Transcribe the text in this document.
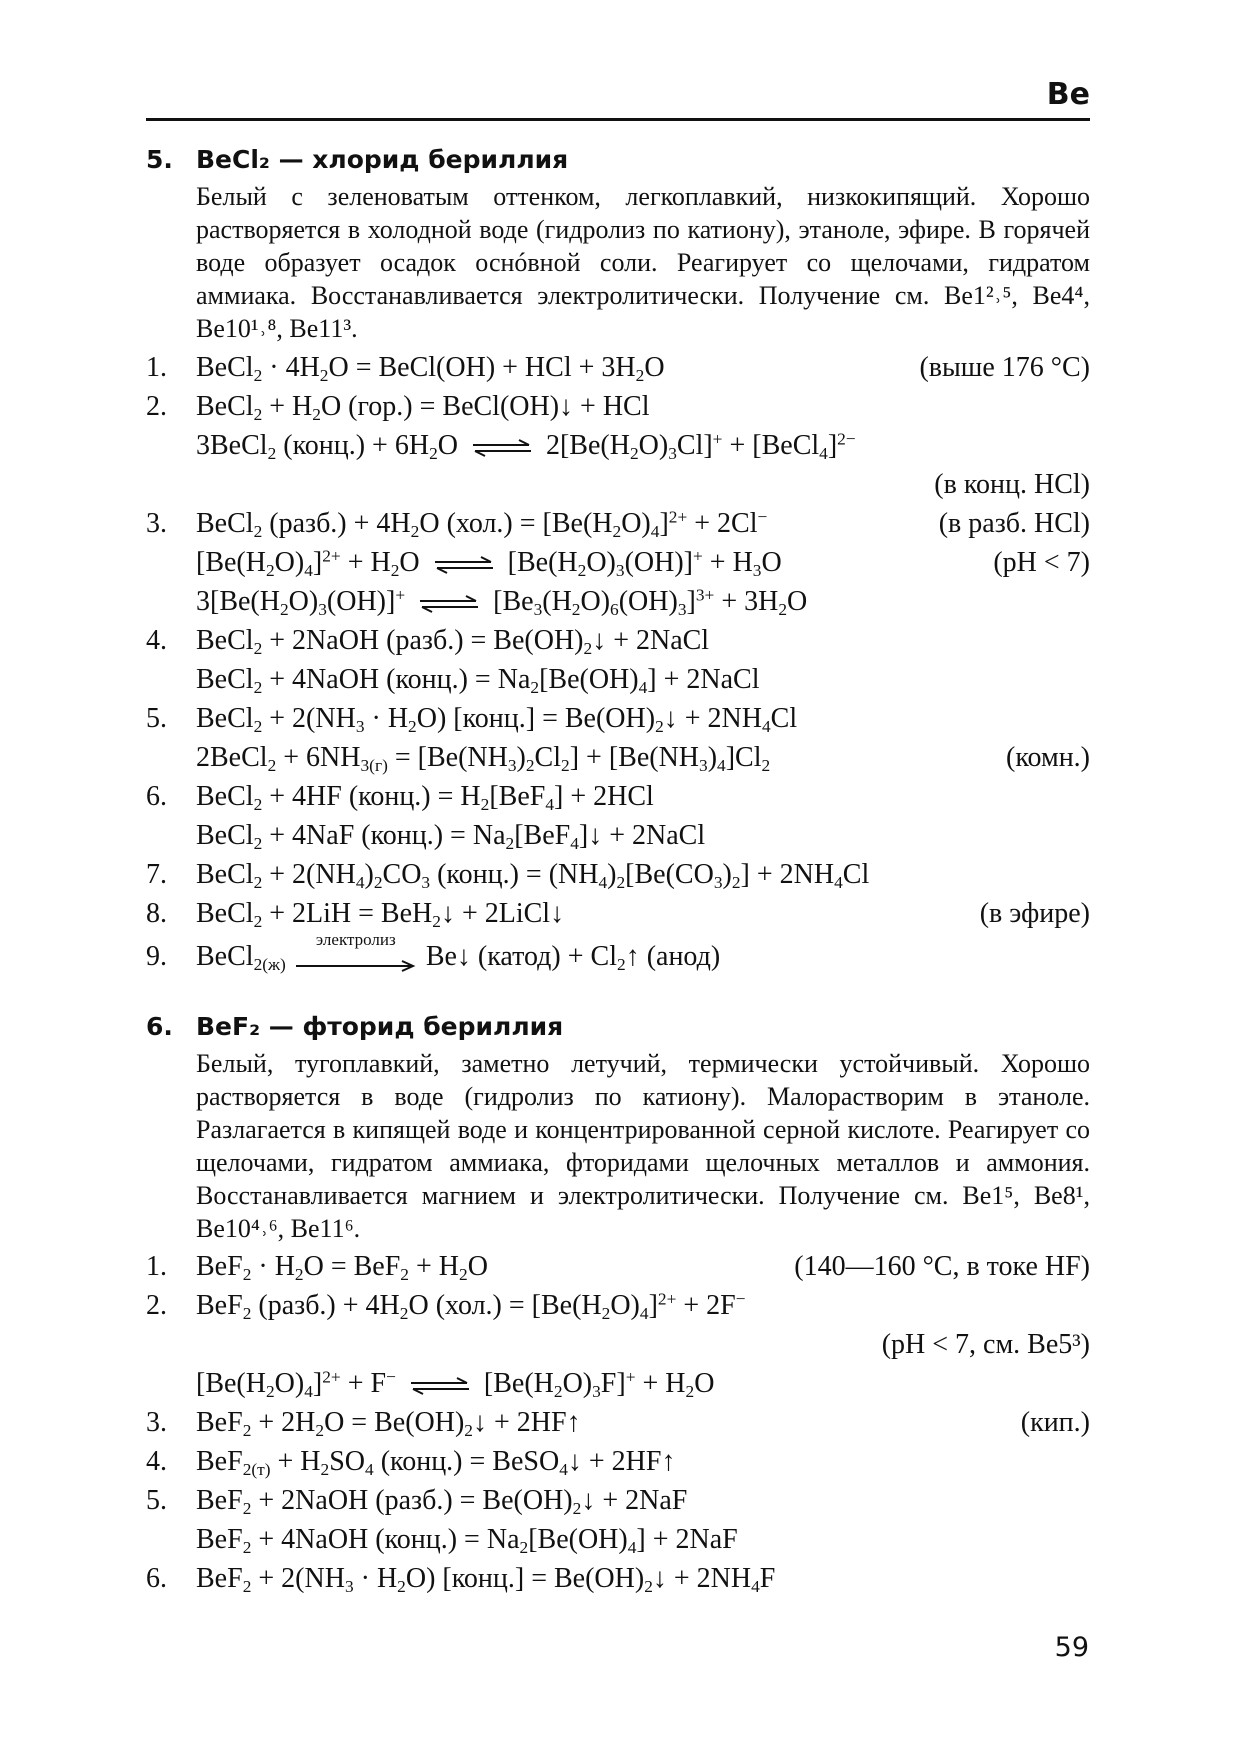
Be
5. BeCl₂ — хлорид бериллия
Белый с зеленоватым оттенком, легкоплавкий, низкокипящий. Хорошо растворяется в холодной воде (гидролиз по катиону), этаноле, эфире. В горячей воде образует осадок оснóвной соли. Реагирует со щелочами, гидратом аммиака. Восстанавливается электролитически. Получение см. Be1²˒⁵, Be4⁴, Be10¹˒⁸, Be11³.
1. BeCl$_2$ · $4H_2O$ = BeCl(OH) + HCl + $3H_2O$	(выше 176 °C)
2. BeCl$_2$ + $H_2O$ (гор.) = BeCl(OH)↓ + HCl
3BeCl$_2$ (конц.) + $6H_2O$ ⇌ $2[Be(H_2O)_3Cl]^+$ + [BeCl$_4$]$^{2-}$
(в конц. HCl)
3. BeCl$_2$ (разб.) + $4H_2O$ $(хол.) = [Be(H_2O)_4]^{2+} + 2Cl^-$	(в разб. HCl)
$[Be(H_2O)_4]^{2+} + H_2O$ ⇌ $[Be(H_2O)_3(OH)]^+ + H_3O$	(pH < 7)
$3[Be(H_2O)_3(OH)]^+$ ⇌ $[Be_3(H_2O)_6(OH)_3]^{3+} + 3H_2O$
4. BeCl$_2$ + 2NaOH (разб.) = $Be(OH)_2↓$ + 2NaCl
BeCl$_2$ + 4NaOH (конц.) = $Na_2[Be(OH)_4]$ + 2NaCl
5. BeCl$_2$ + $2(NH_3 \cdot H_2O)$ [конц.] = $Be(OH)_2↓ + 2NH_4Cl$
2BeCl$_2$ + $6NH_{3(г)} = [Be(NH_3)_2Cl_2] + [Be(NH_3)_4]Cl_2$	(комн.)
6. BeCl$_2$ + 4HF (конц.) = $H_2[BeF_4] + 2HCl$
BeCl$_2$ + 4NaF (конц.) = $Na_2[BeF_4]↓$ + 2NaCl
7. BeCl$_2$ + $2(NH_4)_2CO_3$ (конц.) = $(NH_4)_2[Be(CO_3)_2] + 2NH_4Cl$
8. BeCl$_2$ + 2LiH = BeH$_2$↓ + 2LiCl↓	(в эфире)
9. BeCl$_{2(ж)}$
электролиз
Be↓ (катод) + $Cl_2↑$ (анод)
6. BeF₂ — фторид бериллия
Белый, тугоплавкий, заметно летучий, термически устойчивый. Хорошо растворяется в воде (гидролиз по катиону). Малорастворим в этаноле. Разлагается в кипящей воде и концентрированной серной кислоте. Реагирует со щелочами, гидратом аммиака, фторидами щелочных металлов и аммония. Восстанавливается магнием и электролитически. Получение см. Be1⁵, Be8¹, Be10⁴˒⁶, Be11⁶.
1. $BeF_2 \cdot H_2O = BeF_2 + H_2O$	(140—160 °C, в токе HF)
2. BeF$_2$ (разб.) + $4H_2O$ $(хол.) = [Be(H_2O)_4]^{2+} + 2F^-$
(pH < 7, см. Be5³)
$[Be(H_2O)_4]^{2+} + F^-$ ⇌ $[Be(H_2O)_3F]^+ + H_2O$
3. $BeF_2 + 2H_2O$ = $Be(OH)_2↓$ + 2HF↑	(кип.)
4. $BeF_{2(т)} + H_2SO_4$ (конц.) = BeSO$_4$↓ + 2HF↑
5. BeF$_2$ + 2NaOH (разб.) = $Be(OH)_2↓ + 2NaF$
BeF$_2$ + 4NaOH (конц.) = $Na_2[Be(OH)_4] + 2NaF$
6. $BeF_2 + 2(NH_3 \cdot H_2O)$ [конц.] = $Be(OH)_2↓ + 2NH_4F$
59
